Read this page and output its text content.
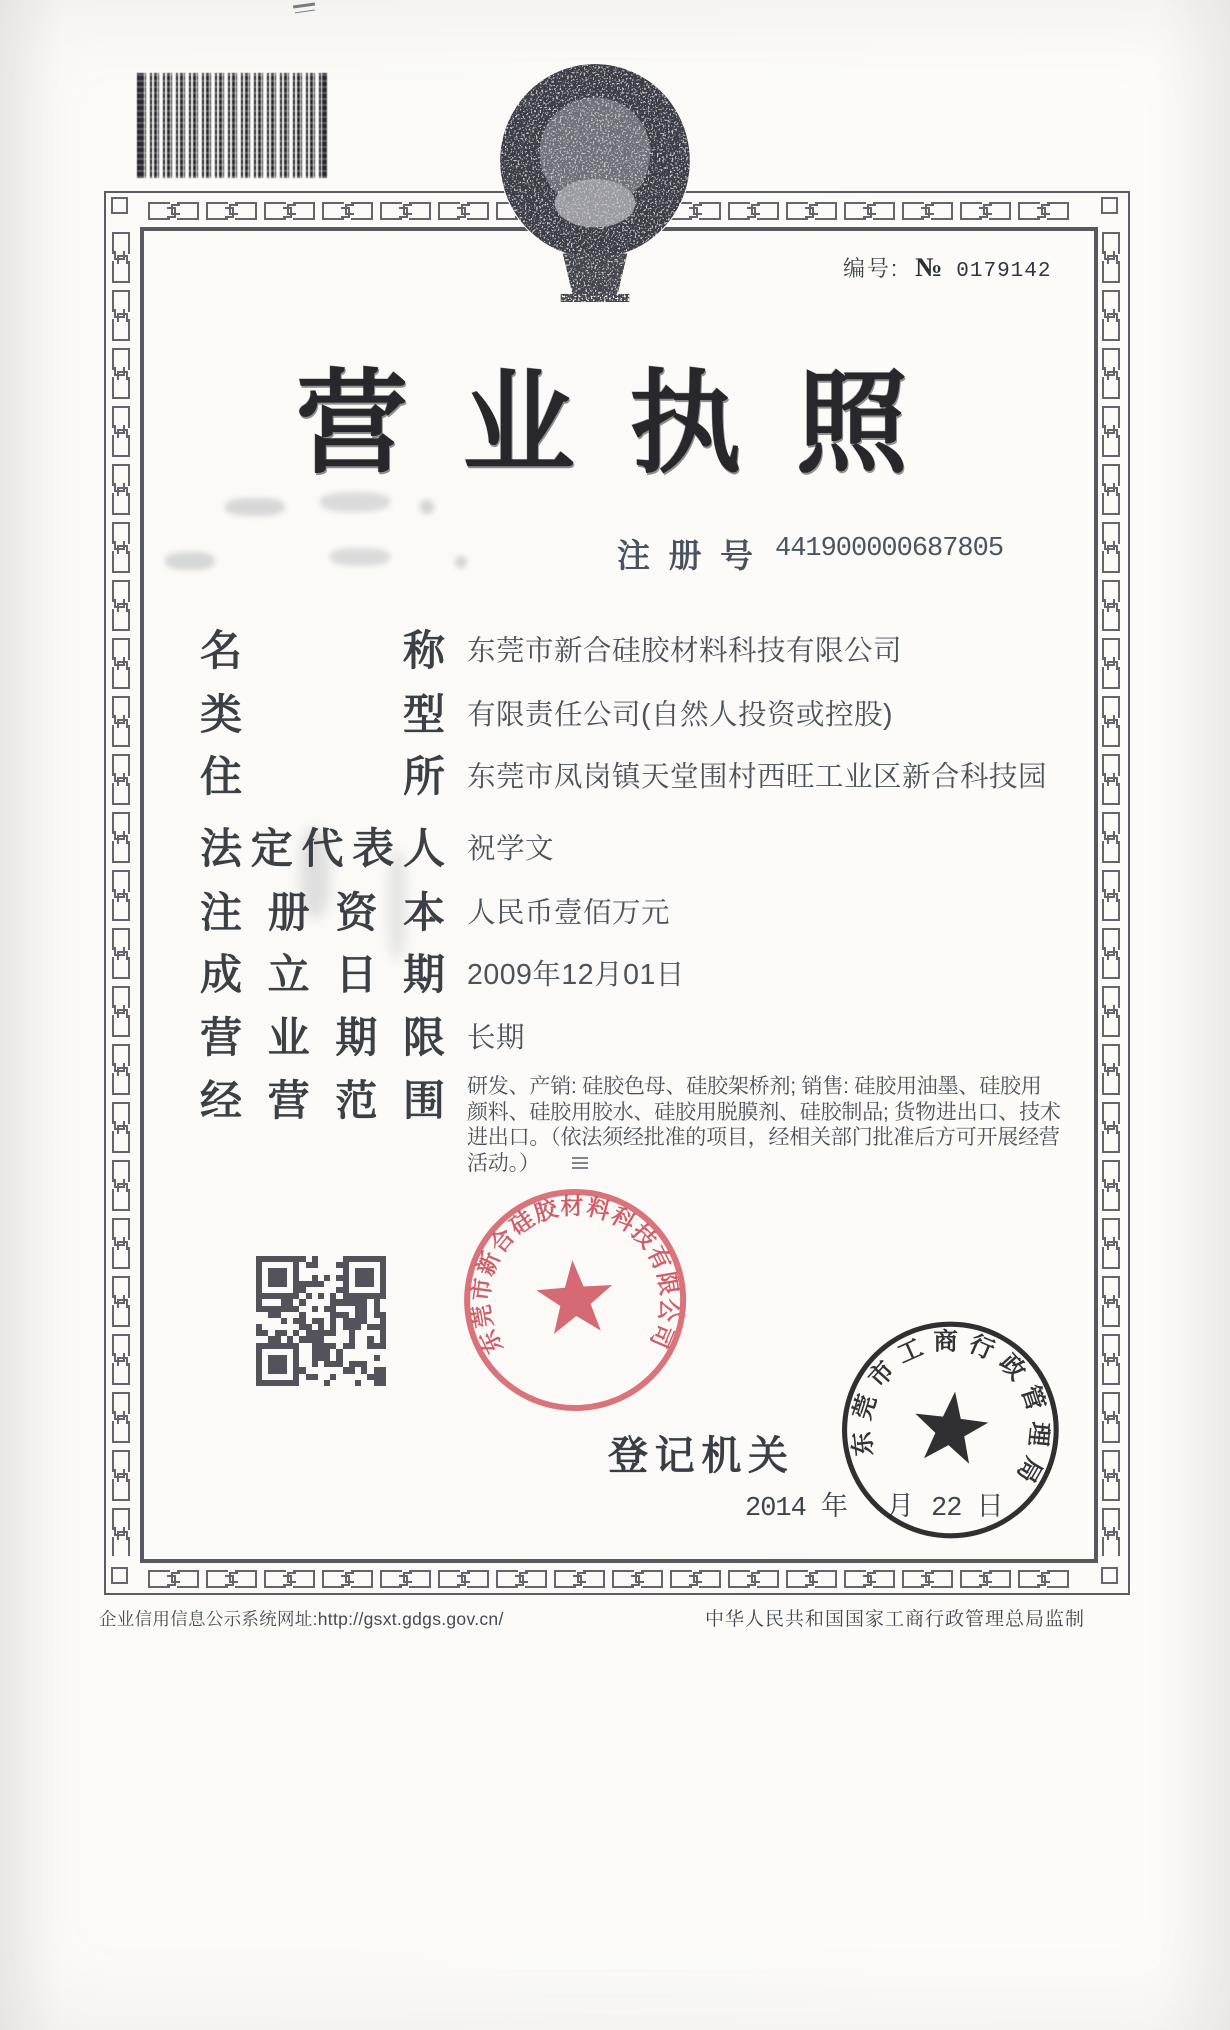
编号: № 0179142
营 业 执 照
注 册 号 441900000687805
名	称 东莞市新合硅胶材料科技有限公司
类	型 有限责任公司(自然人投资或控股)
住	所 东莞市凤岗镇天堂围村西旺工业区新合科技园
法 定 代 表 人 祝学文
注 册 资 本 人民币壹佰万元
成 立 日 期 2009年12月01日
营 业 期 限 长期
经 营 范 围 研发、产销: 硅胶色母、硅胶架桥剂; 销售: 硅胶用油墨、硅胶用
颜料、硅胶用胶水、硅胶用脱膜剂、硅胶制品; 货物进出口、技术
进出口。（依法须经批准的项目，经相关部门批准后方可开展经营
活动。）
东莞市新合硅胶材料科技有限公司
登 记 机 关
2014 年 月 22 日
东莞市工商行政管理局
企业信用信息公示系统网址:http://gsxt.gdgs.gov.cn/	中华人民共和国国家工商行政管理总局监制
